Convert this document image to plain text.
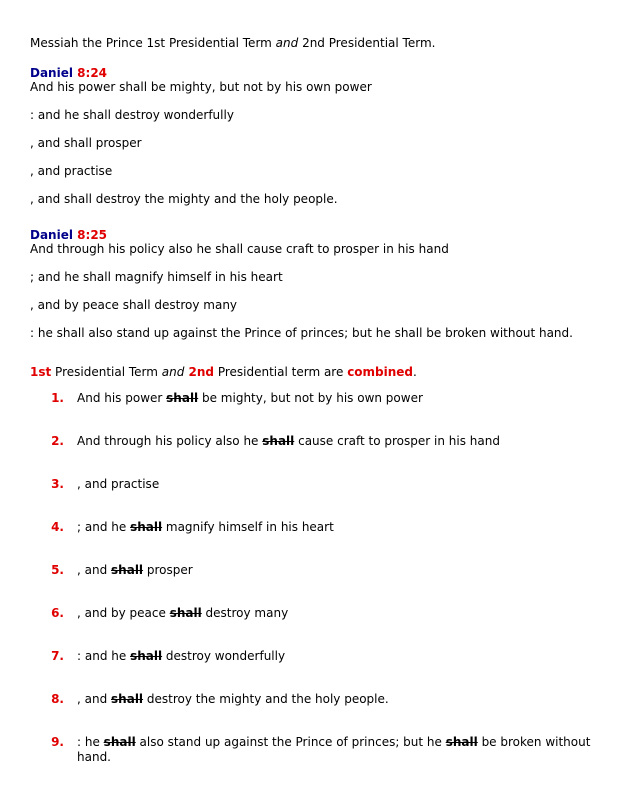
Messiah the Prince 1st Presidential Term and 2nd Presidential Term.

Daniel 8:24

And his power shall be mighty, but not by his own power

: and he shall destroy wonderfully

, and shall prosper

, and practise

, and shall destroy the mighty and the holy people.

Daniel 8:25

And through his policy also he shall cause craft to prosper in his hand

; and he shall magnify himself in his heart

, and by peace shall destroy many

: he shall also stand up against the Prince of princes; but he shall be broken without hand.

1st Presidential Term and 2nd Presidential term are combined.

1. And his power shall be mighty, but not by his own power
2. And through his policy also he shall cause craft to prosper in his hand
3. , and practise
4. ; and he shall magnify himself in his heart
5. , and shall prosper
6. , and by peace shall destroy many
7. : and he shall destroy wonderfully
8. , and shall destroy the mighty and the holy people.
9. : he shall also stand up against the Prince of princes; but he shall be broken without hand.
